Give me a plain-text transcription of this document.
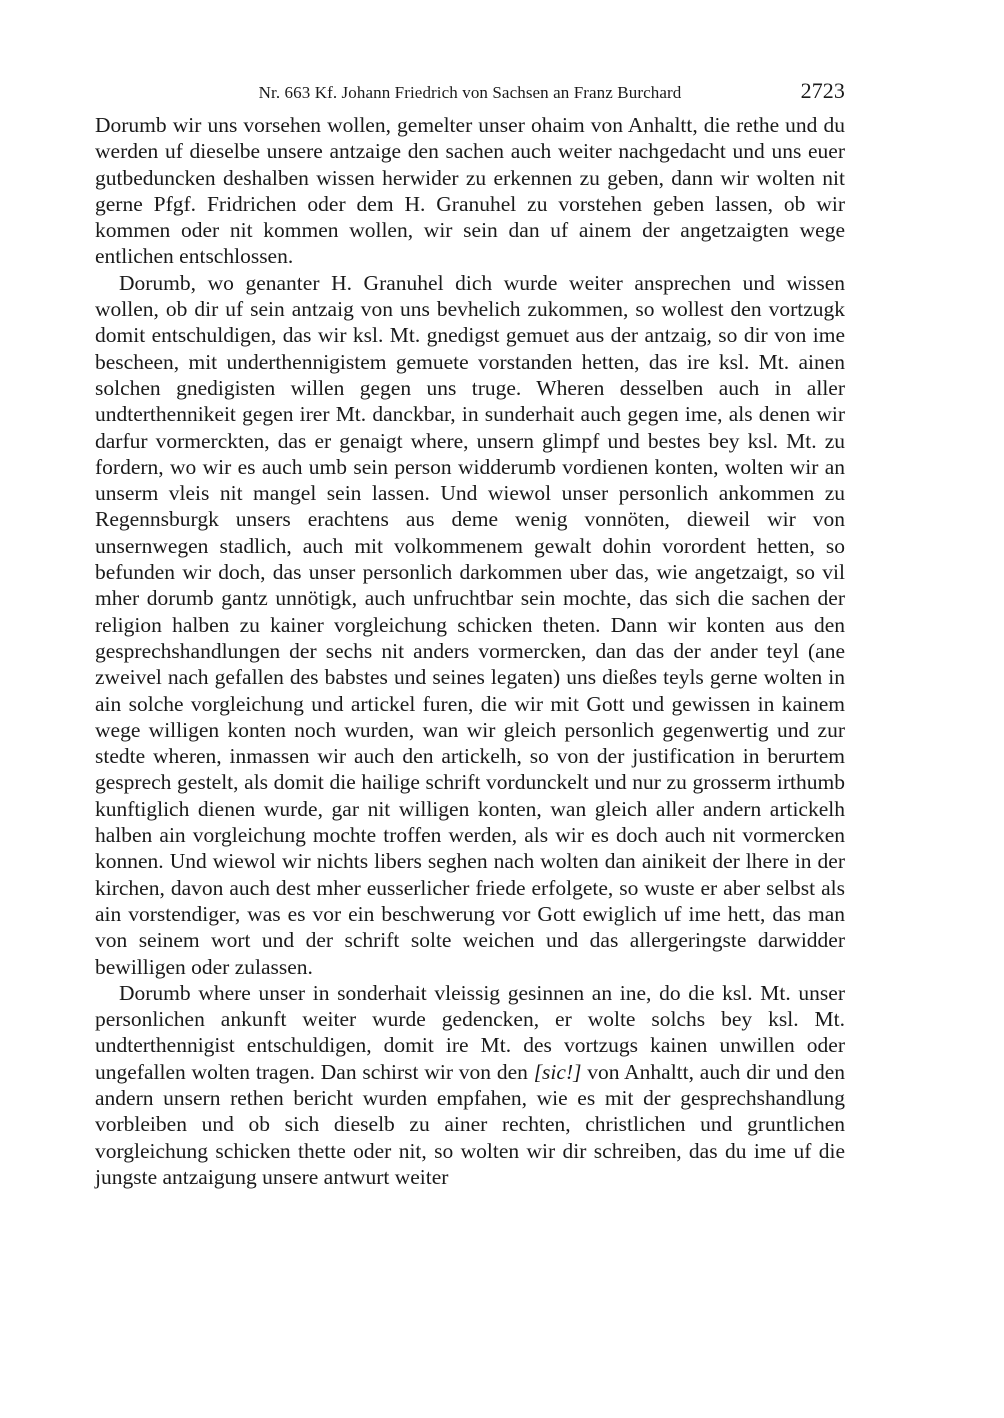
Nr. 663 Kf. Johann Friedrich von Sachsen an Franz Burchard	2723

Dorumb wir uns vorsehen wollen, gemelter unser ohaim von Anhaltt, die rethe und du werden uf dieselbe unsere antzaige den sachen auch weiter nachgedacht und uns euer gutbeduncken deshalben wissen herwider zu erkennen zu geben, dann wir wolten nit gerne Pfgf. Fridrichen oder dem H. Granuhel zu vorstehen geben lassen, ob wir kommen oder nit kommen wollen, wir sein dan uf ainem der angetzaigten wege entlichen entschlossen.

Dorumb, wo genanter H. Granuhel dich wurde weiter ansprechen und wissen wollen, ob dir uf sein antzaig von uns bevhelich zukommen, so wollest den vortzugk domit entschuldigen, das wir ksl. Mt. gnedigst gemuet aus der antzaig, so dir von ime bescheen, mit underthennigistem gemuete vorstanden hetten, das ire ksl. Mt. ainen solchen gnedigisten willen gegen uns truge. Wheren desselben auch in aller undterthennikeit gegen irer Mt. danckbar, in sunderhait auch gegen ime, als denen wir darfur vormerckten, das er genaigt where, unsern glimpf und bestes bey ksl. Mt. zu fordern, wo wir es auch umb sein person widderumb vordienen konten, wolten wir an unserm vleis nit mangel sein lassen. Und wiewol unser personlich ankommen zu Regennsburgk unsers erachtens aus deme wenig vonnöten, dieweil wir von unsernwegen stadlich, auch mit volkommenem gewalt dohin vorordent hetten, so befunden wir doch, das unser personlich darkommen uber das, wie angetzaigt, so vil mher dorumb gantz unnötigk, auch unfruchtbar sein mochte, das sich die sachen der religion halben zu kainer vorgleichung schicken theten. Dann wir konten aus den gesprechshandlungen der sechs nit anders vormercken, dan das der ander teyl (ane zweivel nach gefallen des babstes und seines legaten) uns dießes teyls gerne wolten in ain solche vorgleichung und artickel furen, die wir mit Gott und gewissen in kainem wege willigen konten noch wurden, wan wir gleich personlich gegenwertig und zur stedte wheren, inmassen wir auch den artickelh, so von der justification in berurtem gesprech gestelt, als domit die hailige schrift vordunckelt und nur zu grosserm irthumb kunftiglich dienen wurde, gar nit willigen konten, wan gleich aller andern artickelh halben ain vorgleichung mochte troffen werden, als wir es doch auch nit vormercken konnen. Und wiewol wir nichts libers seghen nach wolten dan ainikeit der lhere in der kirchen, davon auch dest mher eusserlicher friede erfolgete, so wuste er aber selbst als ain vorstendiger, was es vor ein beschwerung vor Gott ewiglich uf ime hett, das man von seinem wort und der schrift solte weichen und das allergeringste darwidder bewilligen oder zulassen.

Dorumb where unser in sonderhait vleissig gesinnen an ine, do die ksl. Mt. unser personlichen ankunft weiter wurde gedencken, er wolte solchs bey ksl. Mt. undterthennigist entschuldigen, domit ire Mt. des vortzugs kainen unwillen oder ungefallen wolten tragen. Dan schirst wir von den [sic!] von Anhaltt, auch dir und den andern unsern rethen bericht wurden empfahen, wie es mit der gesprechshandlung vorbleiben und ob sich dieselb zu ainer rechten, christlichen und gruntlichen vorgleichung schicken thette oder nit, so wolten wir dir schreiben, das du ime uf die jungste antzaigung unsere antwurt weiter
